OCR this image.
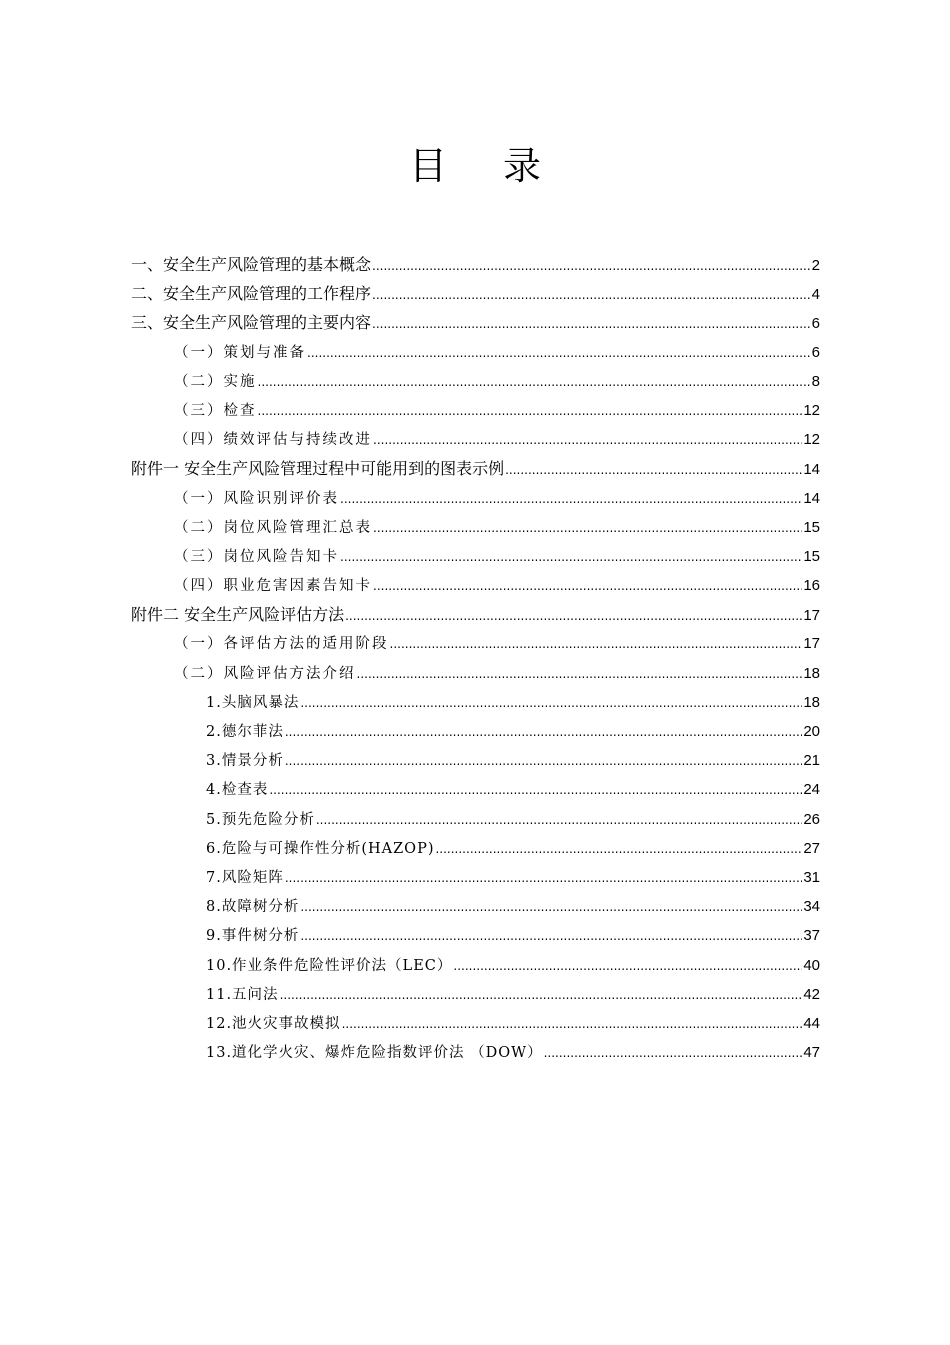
目 录
一、安全生产风险管理的基本概念 .....	2
二、安全生产风险管理的工作程序 .....	4
三、安全生产风险管理的主要内容 .....	6
（一）策划与准备 .....	6
（二）实施 .....	8
（三）检查 .....	12
（四）绩效评估与持续改进 .....	12
附件一 安全生产风险管理过程中可能用到的图表示例 .....	14
（一）风险识别评价表 .....	14
（二）岗位风险管理汇总表 .....	15
（三）岗位风险告知卡 .....	15
（四）职业危害因素告知卡 .....	16
附件二 安全生产风险评估方法 .....	17
（一）各评估方法的适用阶段 .....	17
（二）风险评估方法介绍 .....	18
1.头脑风暴法 .....	18
2.德尔菲法 .....	20
3.情景分析 .....	21
4.检查表 .....	24
5.预先危险分析 .....	26
6.危险与可操作性分析(HAZOP) .....	27
7.风险矩阵 .....	31
8.故障树分析 .....	34
9.事件树分析 .....	37
10.作业条件危险性评价法（LEC） .....	40
11.五问法 .....	42
12.池火灾事故模拟 .....	44
13.道化学火灾、爆炸危险指数评价法 （DOW） .....	47
